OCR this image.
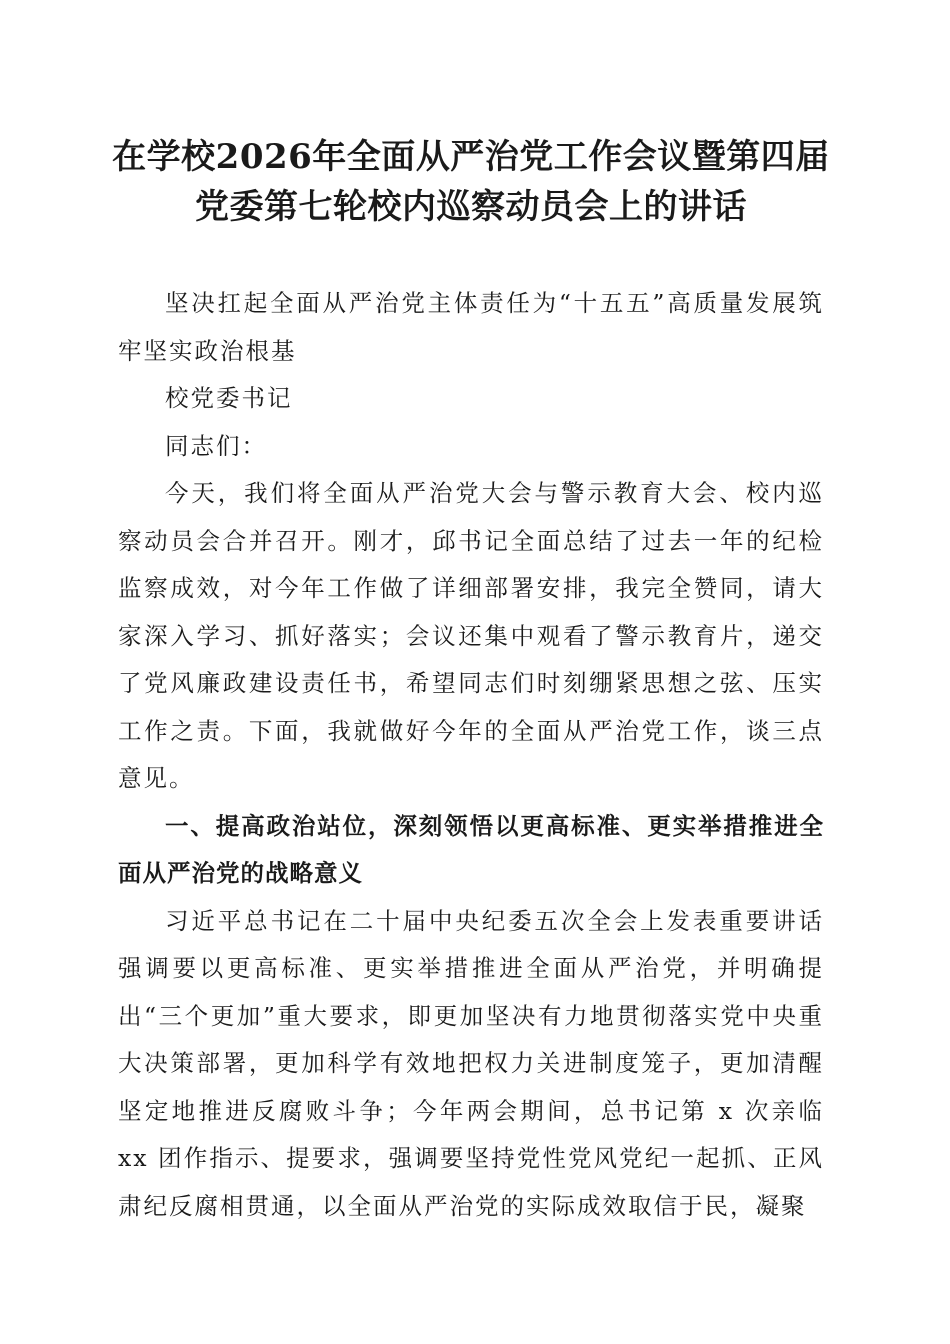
在学校2026年全面从严治党工作会议暨第四届党委第七轮校内巡察动员会上的讲话

坚决扛起全面从严治党主体责任为“十五五”高质量发展筑牢坚实政治根基

校党委书记

同志们：

今天，我们将全面从严治党大会与警示教育大会、校内巡察动员会合并召开。刚才，邱书记全面总结了过去一年的纪检监察成效，对今年工作做了详细部署安排，我完全赞同，请大家深入学习、抓好落实；会议还集中观看了警示教育片，递交了党风廉政建设责任书，希望同志们时刻绷紧思想之弦、压实工作之责。下面，我就做好今年的全面从严治党工作，谈三点意见。

一、提高政治站位，深刻领悟以更高标准、更实举措推进全面从严治党的战略意义

习近平总书记在二十届中央纪委五次全会上发表重要讲话强调要以更高标准、更实举措推进全面从严治党，并明确提出“三个更加”重大要求，即更加坚决有力地贯彻落实党中央重大决策部署，更加科学有效地把权力关进制度笼子，更加清醒坚定地推进反腐败斗争；今年两会期间，总书记第 x 次亲临 xx 团作指示、提要求，强调要坚持党性党风党纪一起抓、正风肃纪反腐相贯通，以全面从严治党的实际成效取信于民，凝聚
